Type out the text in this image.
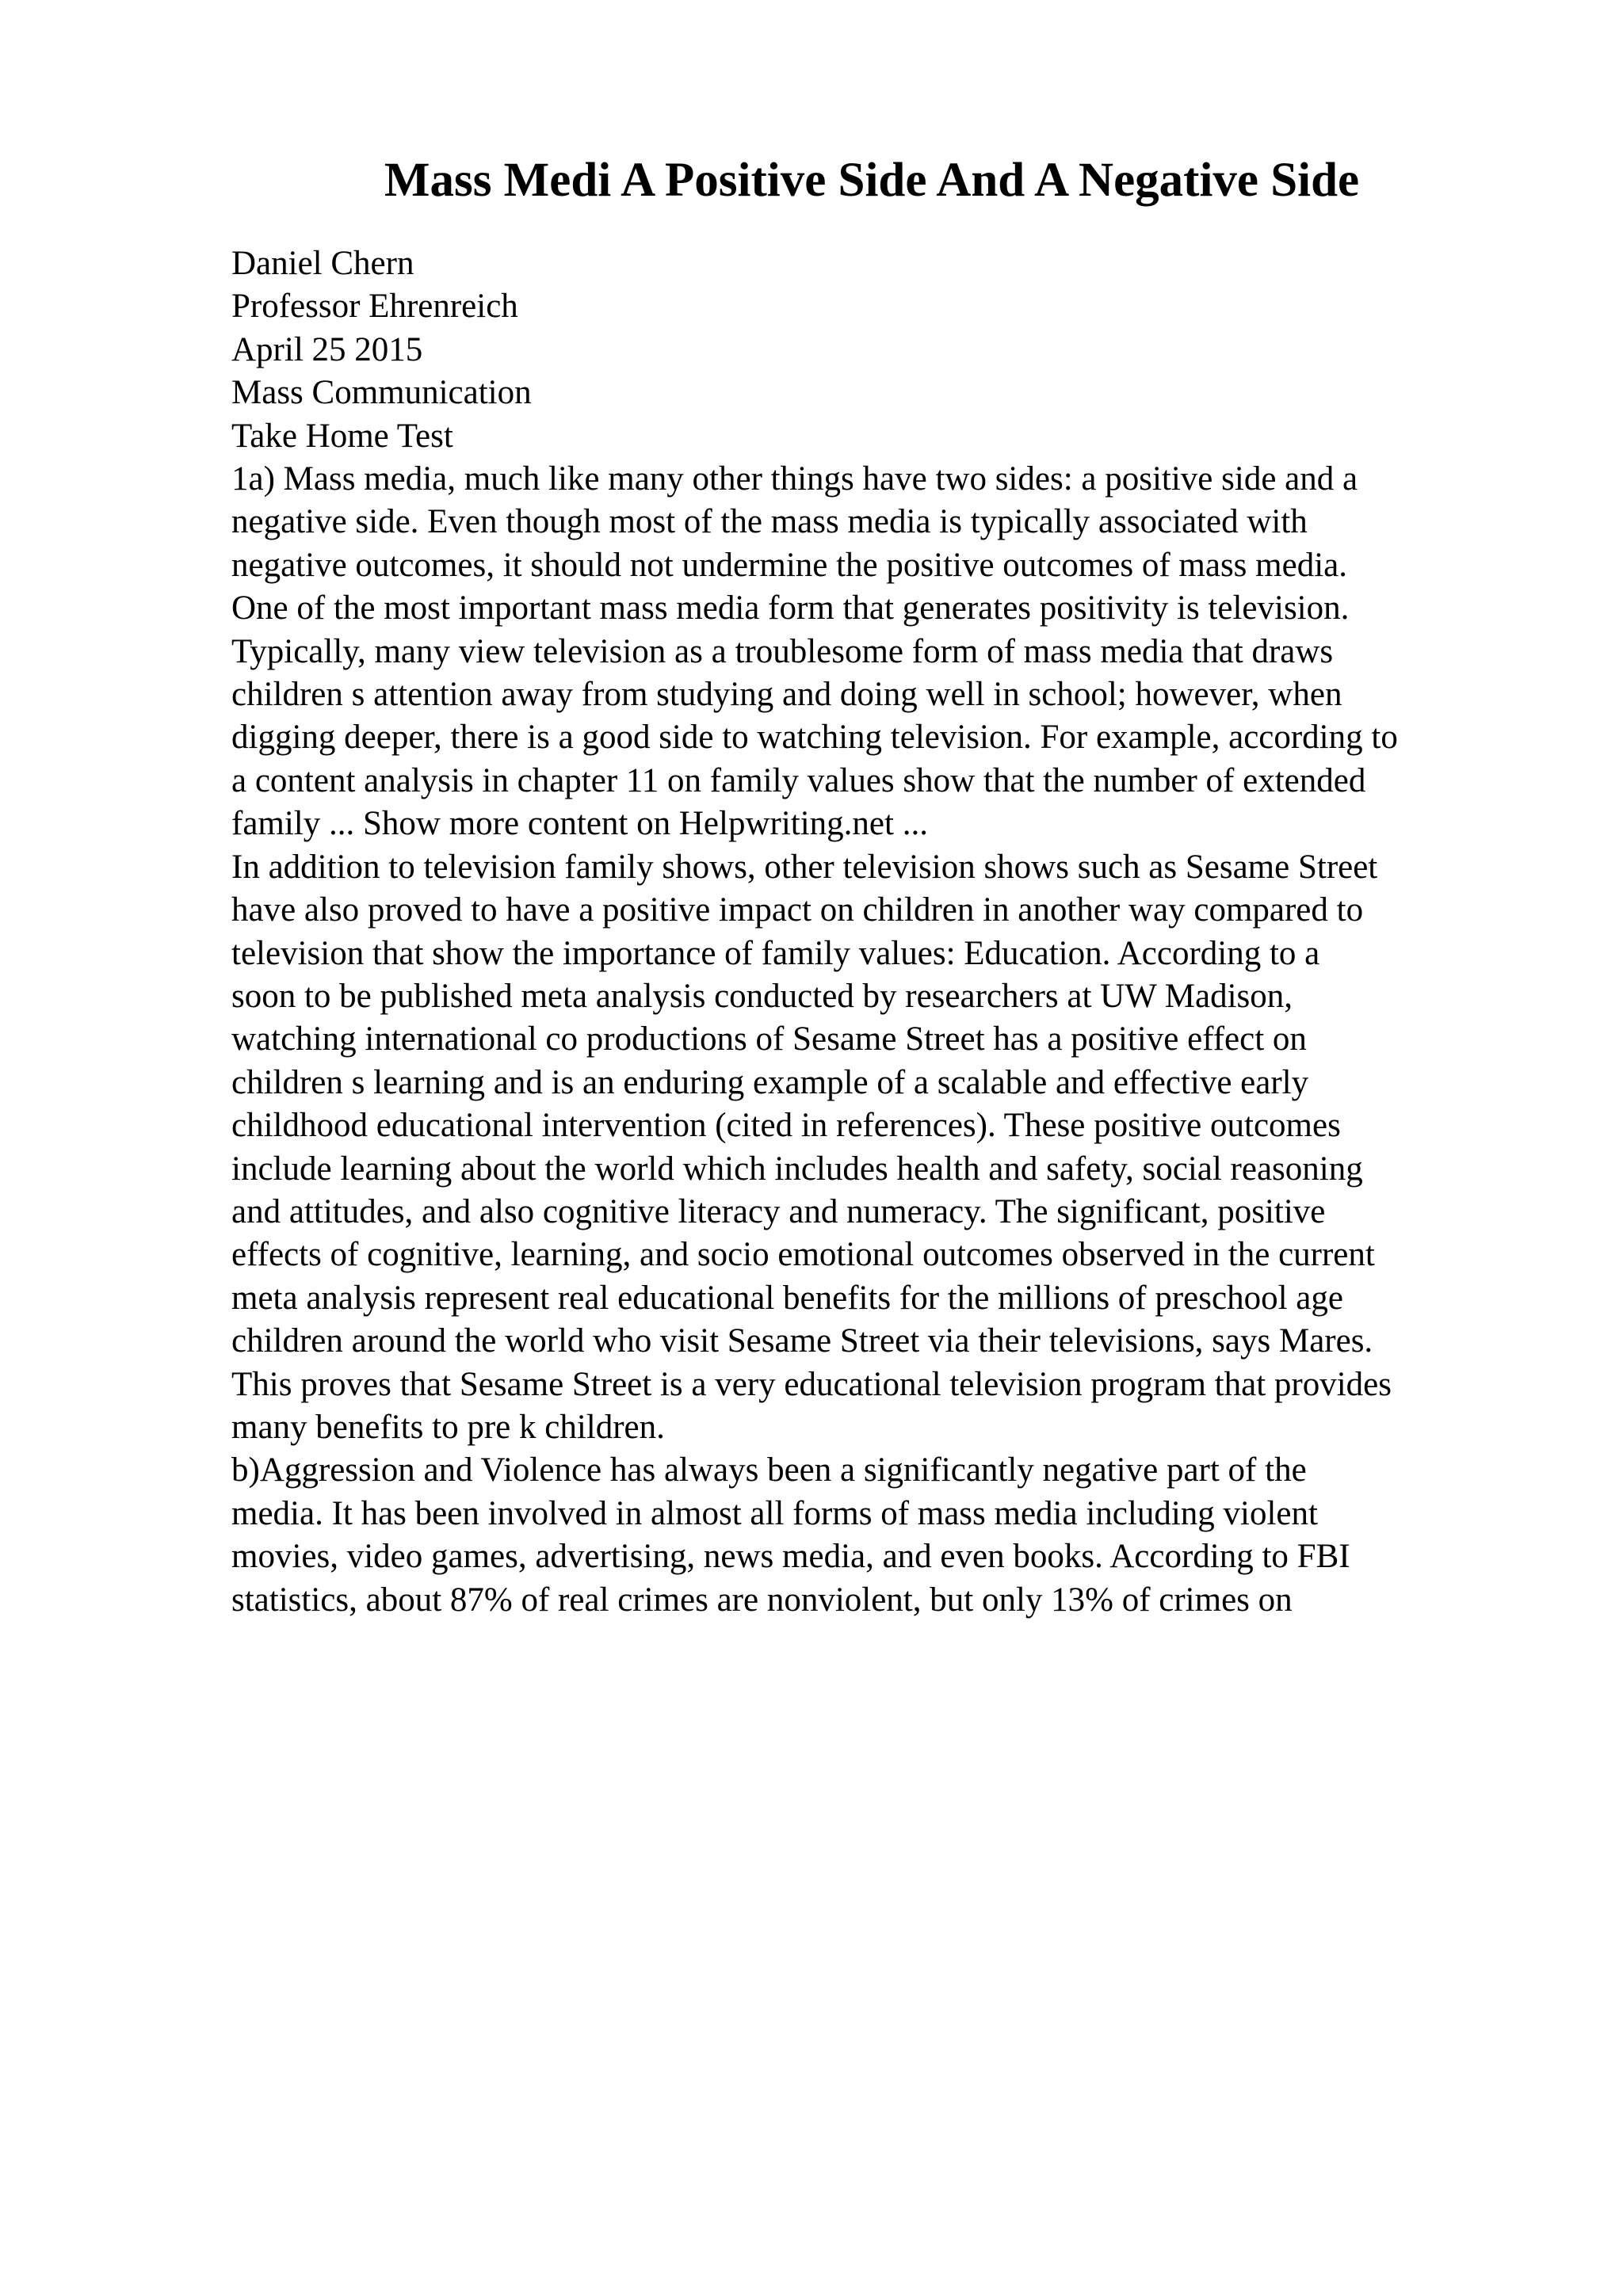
Mass Medi A Positive Side And A Negative Side
Daniel Chern
Professor Ehrenreich
April 25 2015
Mass Communication
Take Home Test
1a) Mass media, much like many other things have two sides: a positive side and a
negative side. Even though most of the mass media is typically associated with
negative outcomes, it should not undermine the positive outcomes of mass media.
One of the most important mass media form that generates positivity is television.
Typically, many view television as a troublesome form of mass media that draws
children s attention away from studying and doing well in school; however, when
digging deeper, there is a good side to watching television. For example, according to
a content analysis in chapter 11 on family values show that the number of extended
family ... Show more content on Helpwriting.net ...
In addition to television family shows, other television shows such as Sesame Street
have also proved to have a positive impact on children in another way compared to
television that show the importance of family values: Education. According to a
soon to be published meta analysis conducted by researchers at UW Madison,
watching international co productions of Sesame Street has a positive effect on
children s learning and is an enduring example of a scalable and effective early
childhood educational intervention (cited in references). These positive outcomes
include learning about the world which includes health and safety, social reasoning
and attitudes, and also cognitive literacy and numeracy. The significant, positive
effects of cognitive, learning, and socio emotional outcomes observed in the current
meta analysis represent real educational benefits for the millions of preschool age
children around the world who visit Sesame Street via their televisions, says Mares.
This proves that Sesame Street is a very educational television program that provides
many benefits to pre k children.
b)Aggression and Violence has always been a significantly negative part of the
media. It has been involved in almost all forms of mass media including violent
movies, video games, advertising, news media, and even books. According to FBI
statistics, about 87% of real crimes are nonviolent, but only 13% of crimes on
